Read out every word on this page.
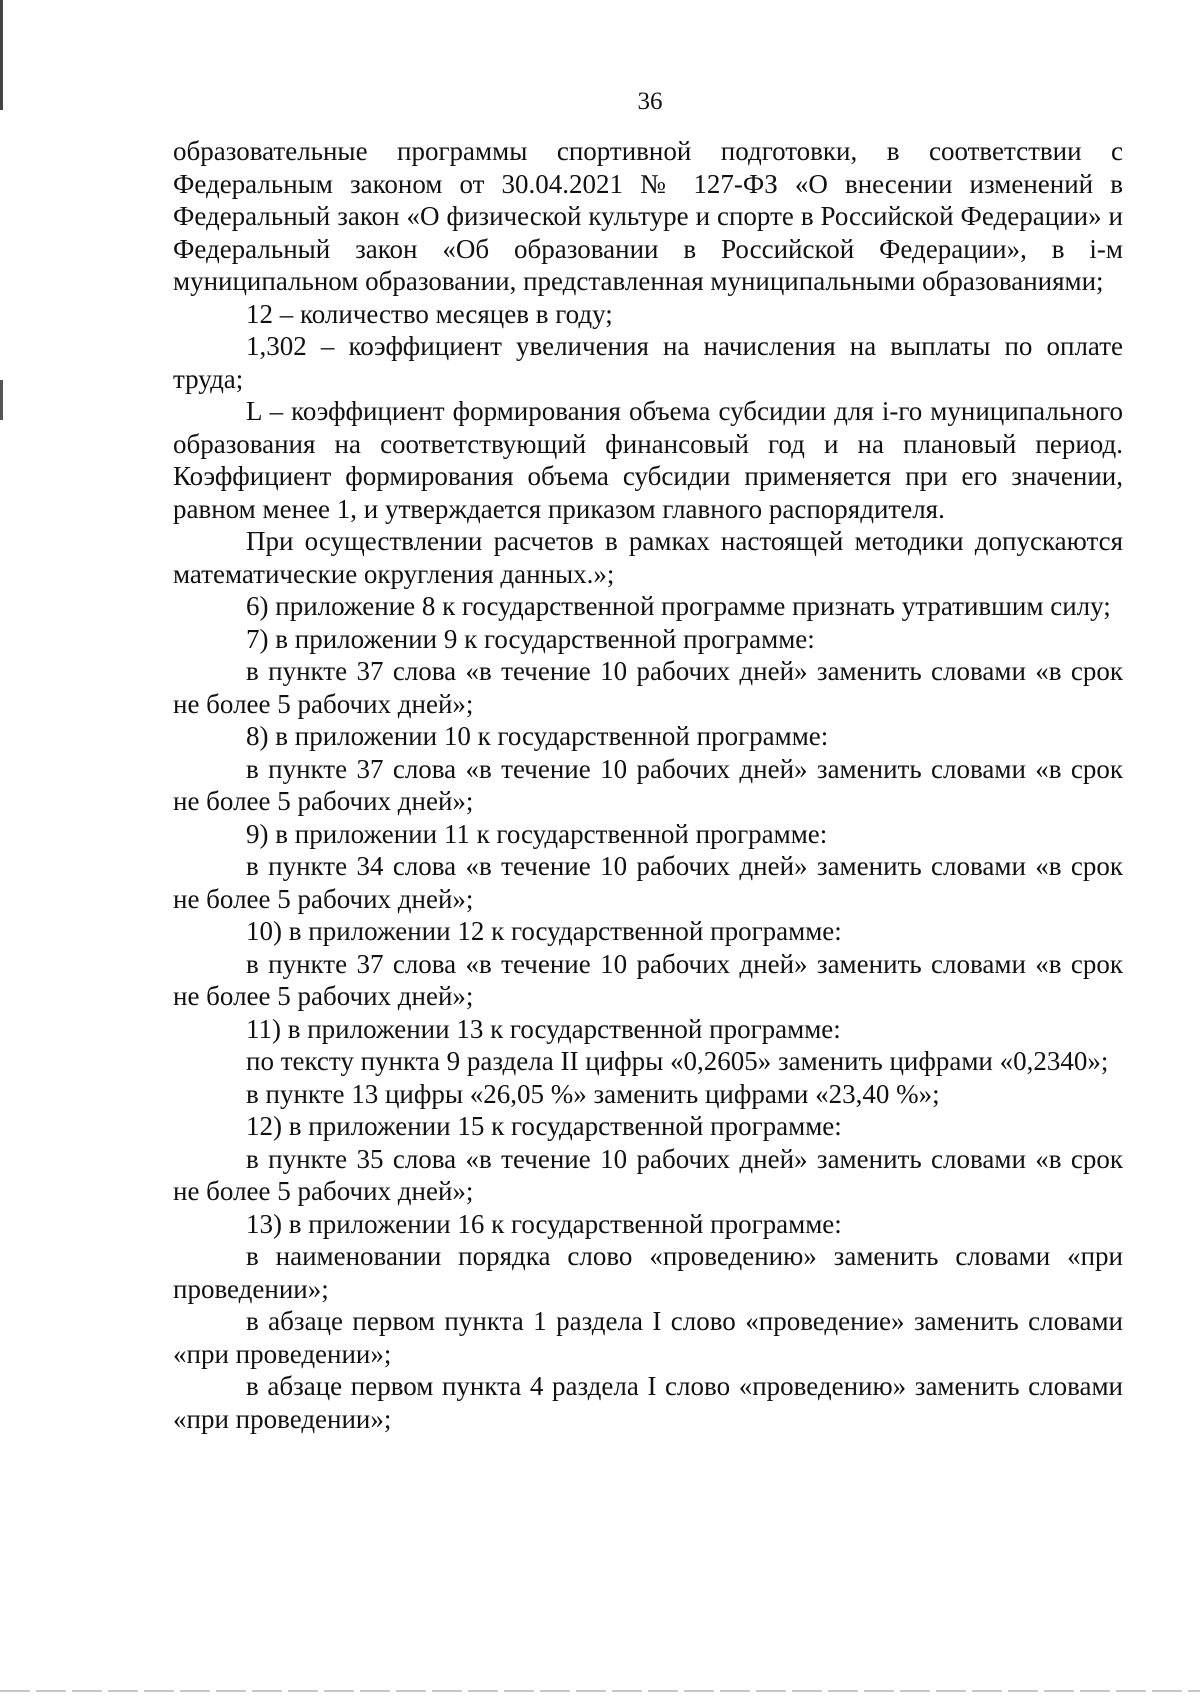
36

образовательные программы спортивной подготовки, в соответствии с Федеральным законом от 30.04.2021 № 127-ФЗ «О внесении изменений в Федеральный закон «О физической культуре и спорте в Российской Федерации» и Федеральный закон «Об образовании в Российской Федерации», в i-м муниципальном образовании, представленная муниципальными образованиями;

12 – количество месяцев в году;

1,302 – коэффициент увеличения на начисления на выплаты по оплате труда;

L – коэффициент формирования объема субсидии для i-го муниципального образования на соответствующий финансовый год и на плановый период. Коэффициент формирования объема субсидии применяется при его значении, равном менее 1, и утверждается приказом главного распорядителя.

При осуществлении расчетов в рамках настоящей методики допускаются математические округления данных.»;

6) приложение 8 к государственной программе признать утратившим силу;

7) в приложении 9 к государственной программе:

в пункте 37 слова «в течение 10 рабочих дней» заменить словами «в срок не более 5 рабочих дней»;

8) в приложении 10 к государственной программе:

в пункте 37 слова «в течение 10 рабочих дней» заменить словами «в срок не более 5 рабочих дней»;

9) в приложении 11 к государственной программе:

в пункте 34 слова «в течение 10 рабочих дней» заменить словами «в срок не более 5 рабочих дней»;

10) в приложении 12 к государственной программе:

в пункте 37 слова «в течение 10 рабочих дней» заменить словами «в срок не более 5 рабочих дней»;

11) в приложении 13 к государственной программе:

по тексту пункта 9 раздела II цифры «0,2605» заменить цифрами «0,2340»;

в пункте 13 цифры «26,05 %» заменить цифрами «23,40 %»;

12) в приложении 15 к государственной программе:

в пункте 35 слова «в течение 10 рабочих дней» заменить словами «в срок не более 5 рабочих дней»;

13) в приложении 16 к государственной программе:

в наименовании порядка слово «проведению» заменить словами «при проведении»;

в абзаце первом пункта 1 раздела I слово «проведение» заменить словами «при проведении»;

в абзаце первом пункта 4 раздела I слово «проведению» заменить словами «при проведении»;
